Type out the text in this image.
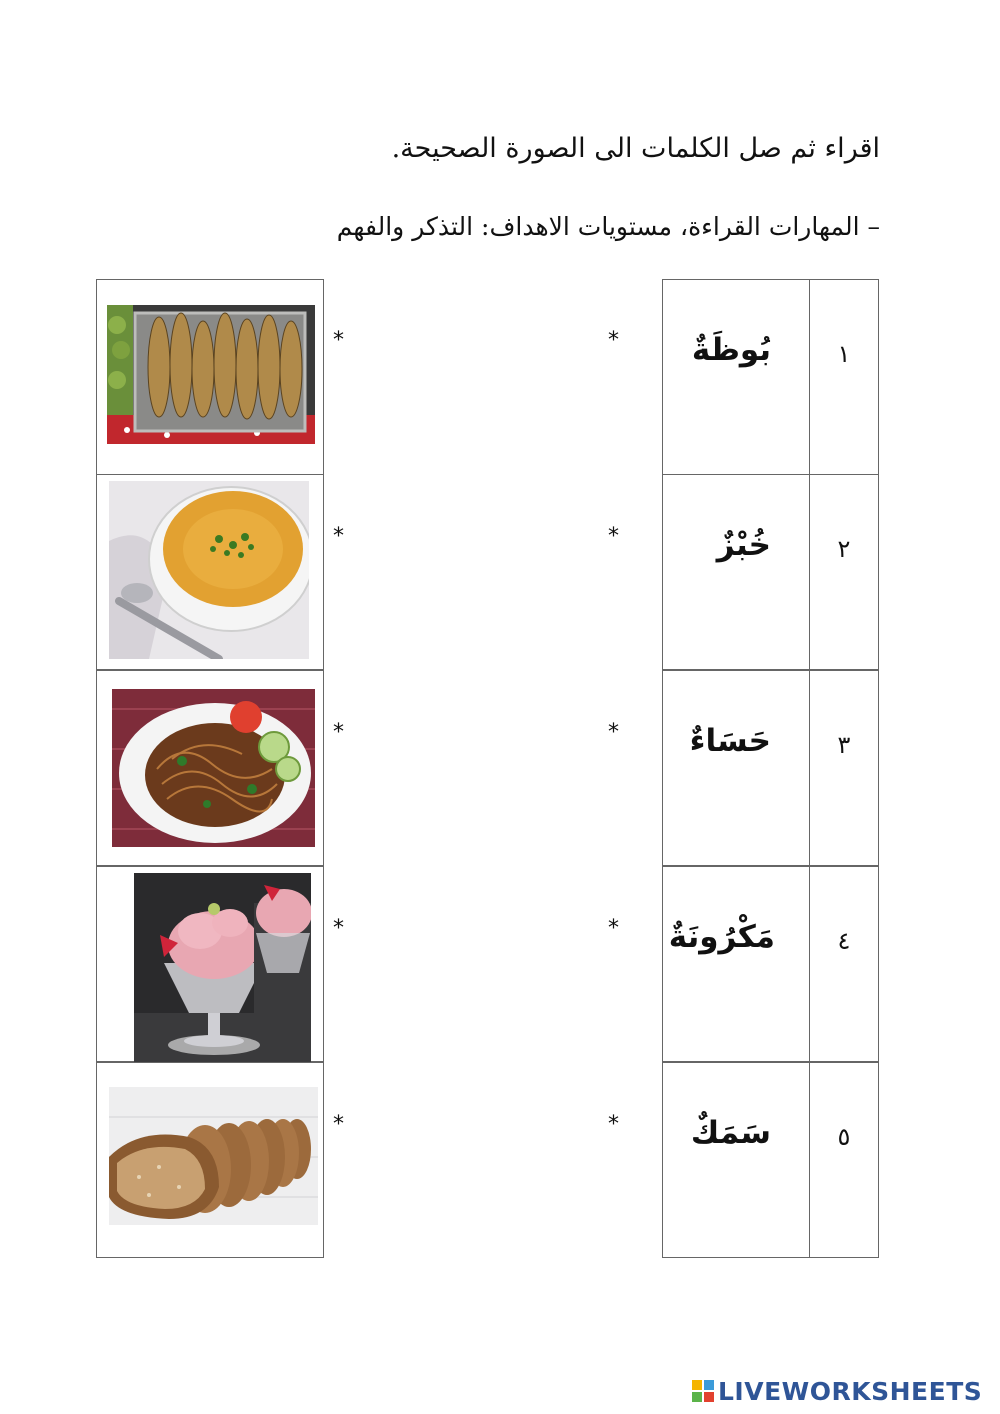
اقراء ثم صل الكلمات الى الصورة الصحيحة.
– المهارات القراءة، مستويات الاهداف: التذكر والفهم
*	* بُوظَةٌ	١
*	*	خُبْزٌ	٢
*	* حَسَاءٌ	٣
*	* مَكْرُونَةٌ	٤
*	* سَمَكٌ	٥
LIVEWORKSHEETS
